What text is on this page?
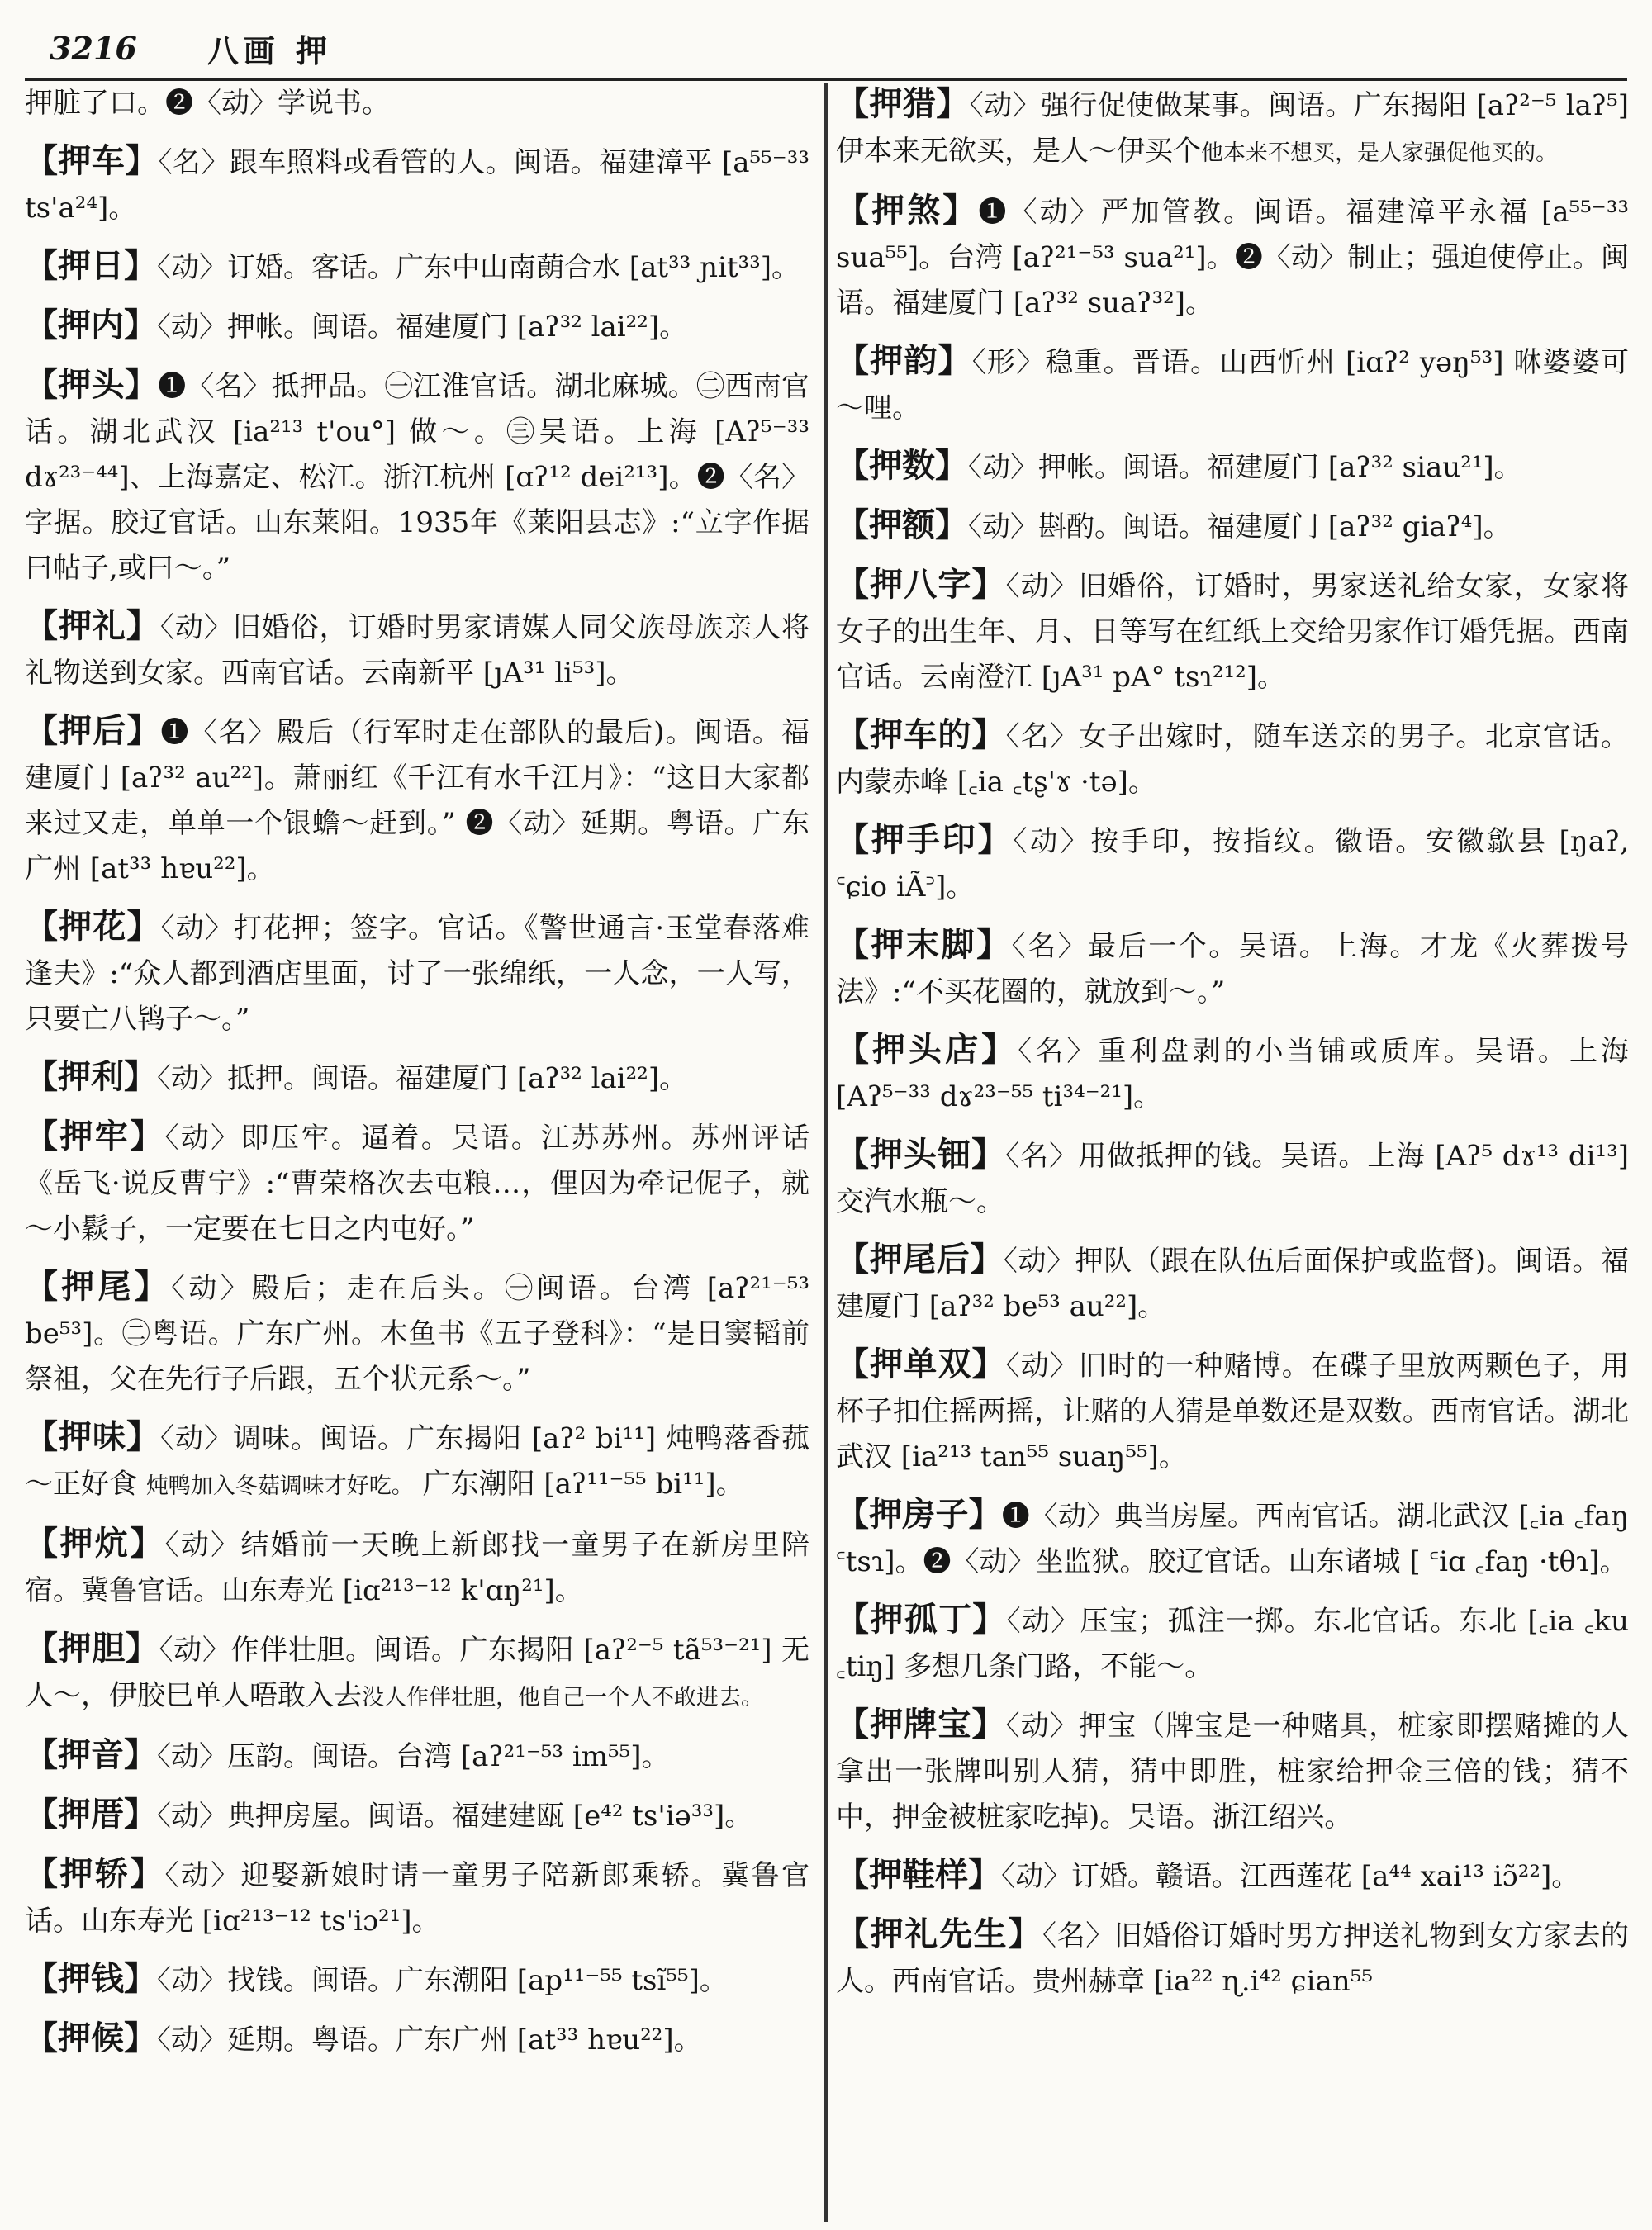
3216 八画 押
押脏了口。❷〈动〉学说书。
【押车】〈名〉跟车照料或看管的人。闽语。福建漳平 [a⁵⁵⁻³³ ts'a²⁴]。
【押日】〈动〉订婚。客话。广东中山南蓢合水 [at³³ ɲit³³]。
【押内】〈动〉押帐。闽语。福建厦门 [aʔ³² lai²²]。
【押头】❶〈名〉抵押品。㊀江淮官话。湖北麻城。㊁西南官话。湖北武汉 [ia²¹³ t'ou°] 做～。㊂吴语。上海 [Aʔ⁵⁻³³ dɤ²³⁻⁴⁴]、上海嘉定、松江。浙江杭州 [ɑʔ¹² dei²¹³]。❷〈名〉字据。胶辽官话。山东莱阳。1935年《莱阳县志》:“立字作据曰帖子,或曰～。”
【押礼】〈动〉旧婚俗，订婚时男家请媒人同父族母族亲人将礼物送到女家。西南官话。云南新平 [ȷA³¹ li⁵³]。
【押后】❶〈名〉殿后（行军时走在部队的最后)。闽语。福建厦门 [aʔ³² au²²]。萧丽红《千江有水千江月》：“这日大家都来过又走，单单一个银蟾～赶到。” ❷〈动〉延期。粤语。广东广州 [at³³ hɐu²²]。
【押花】〈动〉打花押；签字。官话。《警世通言·玉堂春落难逢夫》:“众人都到酒店里面，讨了一张绵纸，一人念，一人写，只要亡八鸨子～。”
【押利】〈动〉抵押。闽语。福建厦门 [aʔ³² lai²²]。
【押牢】〈动〉即压牢。逼着。吴语。江苏苏州。苏州评话《岳飞·说反曹宁》:“曹荣格次去屯粮…，俚因为牵记伲子，就～小鬏子，一定要在七日之内屯好。”
【押尾】〈动〉殿后；走在后头。㊀闽语。台湾 [aʔ²¹⁻⁵³ be⁵³]。㊁粤语。广东广州。木鱼书《五子登科》：“是日窦韬前祭祖，父在先行子后跟，五个状元系～。”
【押味】〈动〉调味。闽语。广东揭阳 [aʔ² bi¹¹] 炖鸭落香菰～正好食 炖鸭加入冬菇调味才好吃。 广东潮阳 [aʔ¹¹⁻⁵⁵ bi¹¹]。
【押炕】〈动〉结婚前一天晚上新郎找一童男子在新房里陪宿。冀鲁官话。山东寿光 [iɑ²¹³⁻¹² k'ɑŋ²¹]。
【押胆】〈动〉作伴壮胆。闽语。广东揭阳 [aʔ²⁻⁵ tã⁵³⁻²¹] 无人～，伊胶巳单人唔敢入去没人作伴壮胆，他自己一个人不敢进去。
【押音】〈动〉压韵。闽语。台湾 [aʔ²¹⁻⁵³ im⁵⁵]。
【押厝】〈动〉典押房屋。闽语。福建建瓯 [e⁴² ts'iə³³]。
【押轿】〈动〉迎娶新娘时请一童男子陪新郎乘轿。冀鲁官话。山东寿光 [iɑ²¹³⁻¹² ts'iɔ²¹]。
【押钱】〈动〉找钱。闽语。广东潮阳 [ap¹¹⁻⁵⁵ tsĩ⁵⁵]。
【押候】〈动〉延期。粤语。广东广州 [at³³ hɐu²²]。
【押猎】〈动〉强行促使做某事。闽语。广东揭阳 [aʔ²⁻⁵ laʔ⁵] 伊本来无欲买，是人～伊买个他本来不想买，是人家强促他买的。
【押煞】❶〈动〉严加管教。闽语。福建漳平永福 [a⁵⁵⁻³³ sua⁵⁵]。台湾 [aʔ²¹⁻⁵³ sua²¹]。❷〈动〉制止；强迫使停止。闽语。福建厦门 [aʔ³² suaʔ³²]。
【押韵】〈形〉稳重。晋语。山西忻州 [iɑʔ² yəŋ⁵³] 咻婆婆可～哩。
【押数】〈动〉押帐。闽语。福建厦门 [aʔ³² siau²¹]。
【押额】〈动〉斟酌。闽语。福建厦门 [aʔ³² giaʔ⁴]。
【押八字】〈动〉旧婚俗，订婚时，男家送礼给女家，女家将女子的出生年、月、日等写在红纸上交给男家作订婚凭据。西南官话。云南澄江 [ȷA³¹ pA° tsɿ²¹²]。
【押车的】〈名〉女子出嫁时，随车送亲的男子。北京官话。内蒙赤峰 [꜀ia ꜀tʂ'ɤ ·tə]。
【押手印】〈动〉按手印，按指纹。徽语。安徽歙县 [ŋaʔ, ꜂ɕio iÃ꜄]。
【押末脚】〈名〉最后一个。吴语。上海。才龙《火葬拨号法》:“不买花圈的，就放到～。”
【押头店】〈名〉重利盘剥的小当铺或质库。吴语。上海 [Aʔ⁵⁻³³ dɤ²³⁻⁵⁵ ti³⁴⁻²¹]。
【押头钿】〈名〉用做抵押的钱。吴语。上海 [Aʔ⁵ dɤ¹³ di¹³] 交汽水瓶～。
【押尾后】〈动〉押队（跟在队伍后面保护或监督)。闽语。福建厦门 [aʔ³² be⁵³ au²²]。
【押单双】〈动〉旧时的一种赌博。在碟子里放两颗色子，用杯子扣住摇两摇，让赌的人猜是单数还是双数。西南官话。湖北武汉 [ia²¹³ tan⁵⁵ suaŋ⁵⁵]。
【押房子】❶〈动〉典当房屋。西南官话。湖北武汉 [꜀ia ꜀faŋ ꜂tsɿ]。❷〈动〉坐监狱。胶辽官话。山东诸城 [ ꜂iɑ ꜀faŋ ·tθɿ]。
【押孤丁】〈动〉压宝；孤注一掷。东北官话。东北 [꜀ia ꜀ku ꜀tiŋ] 多想几条门路，不能～。
【押牌宝】〈动〉押宝（牌宝是一种赌具，桩家即摆赌摊的人拿出一张牌叫别人猜，猜中即胜，桩家给押金三倍的钱；猜不中，押金被桩家吃掉)。吴语。浙江绍兴。
【押鞋样】〈动〉订婚。赣语。江西莲花 [a⁴⁴ xai¹³ iɔ̃²²]。
【押礼先生】〈名〉旧婚俗订婚时男方押送礼物到女方家去的人。西南官话。贵州赫章 [ia²² ɳ.i⁴² ɕian⁵⁵
